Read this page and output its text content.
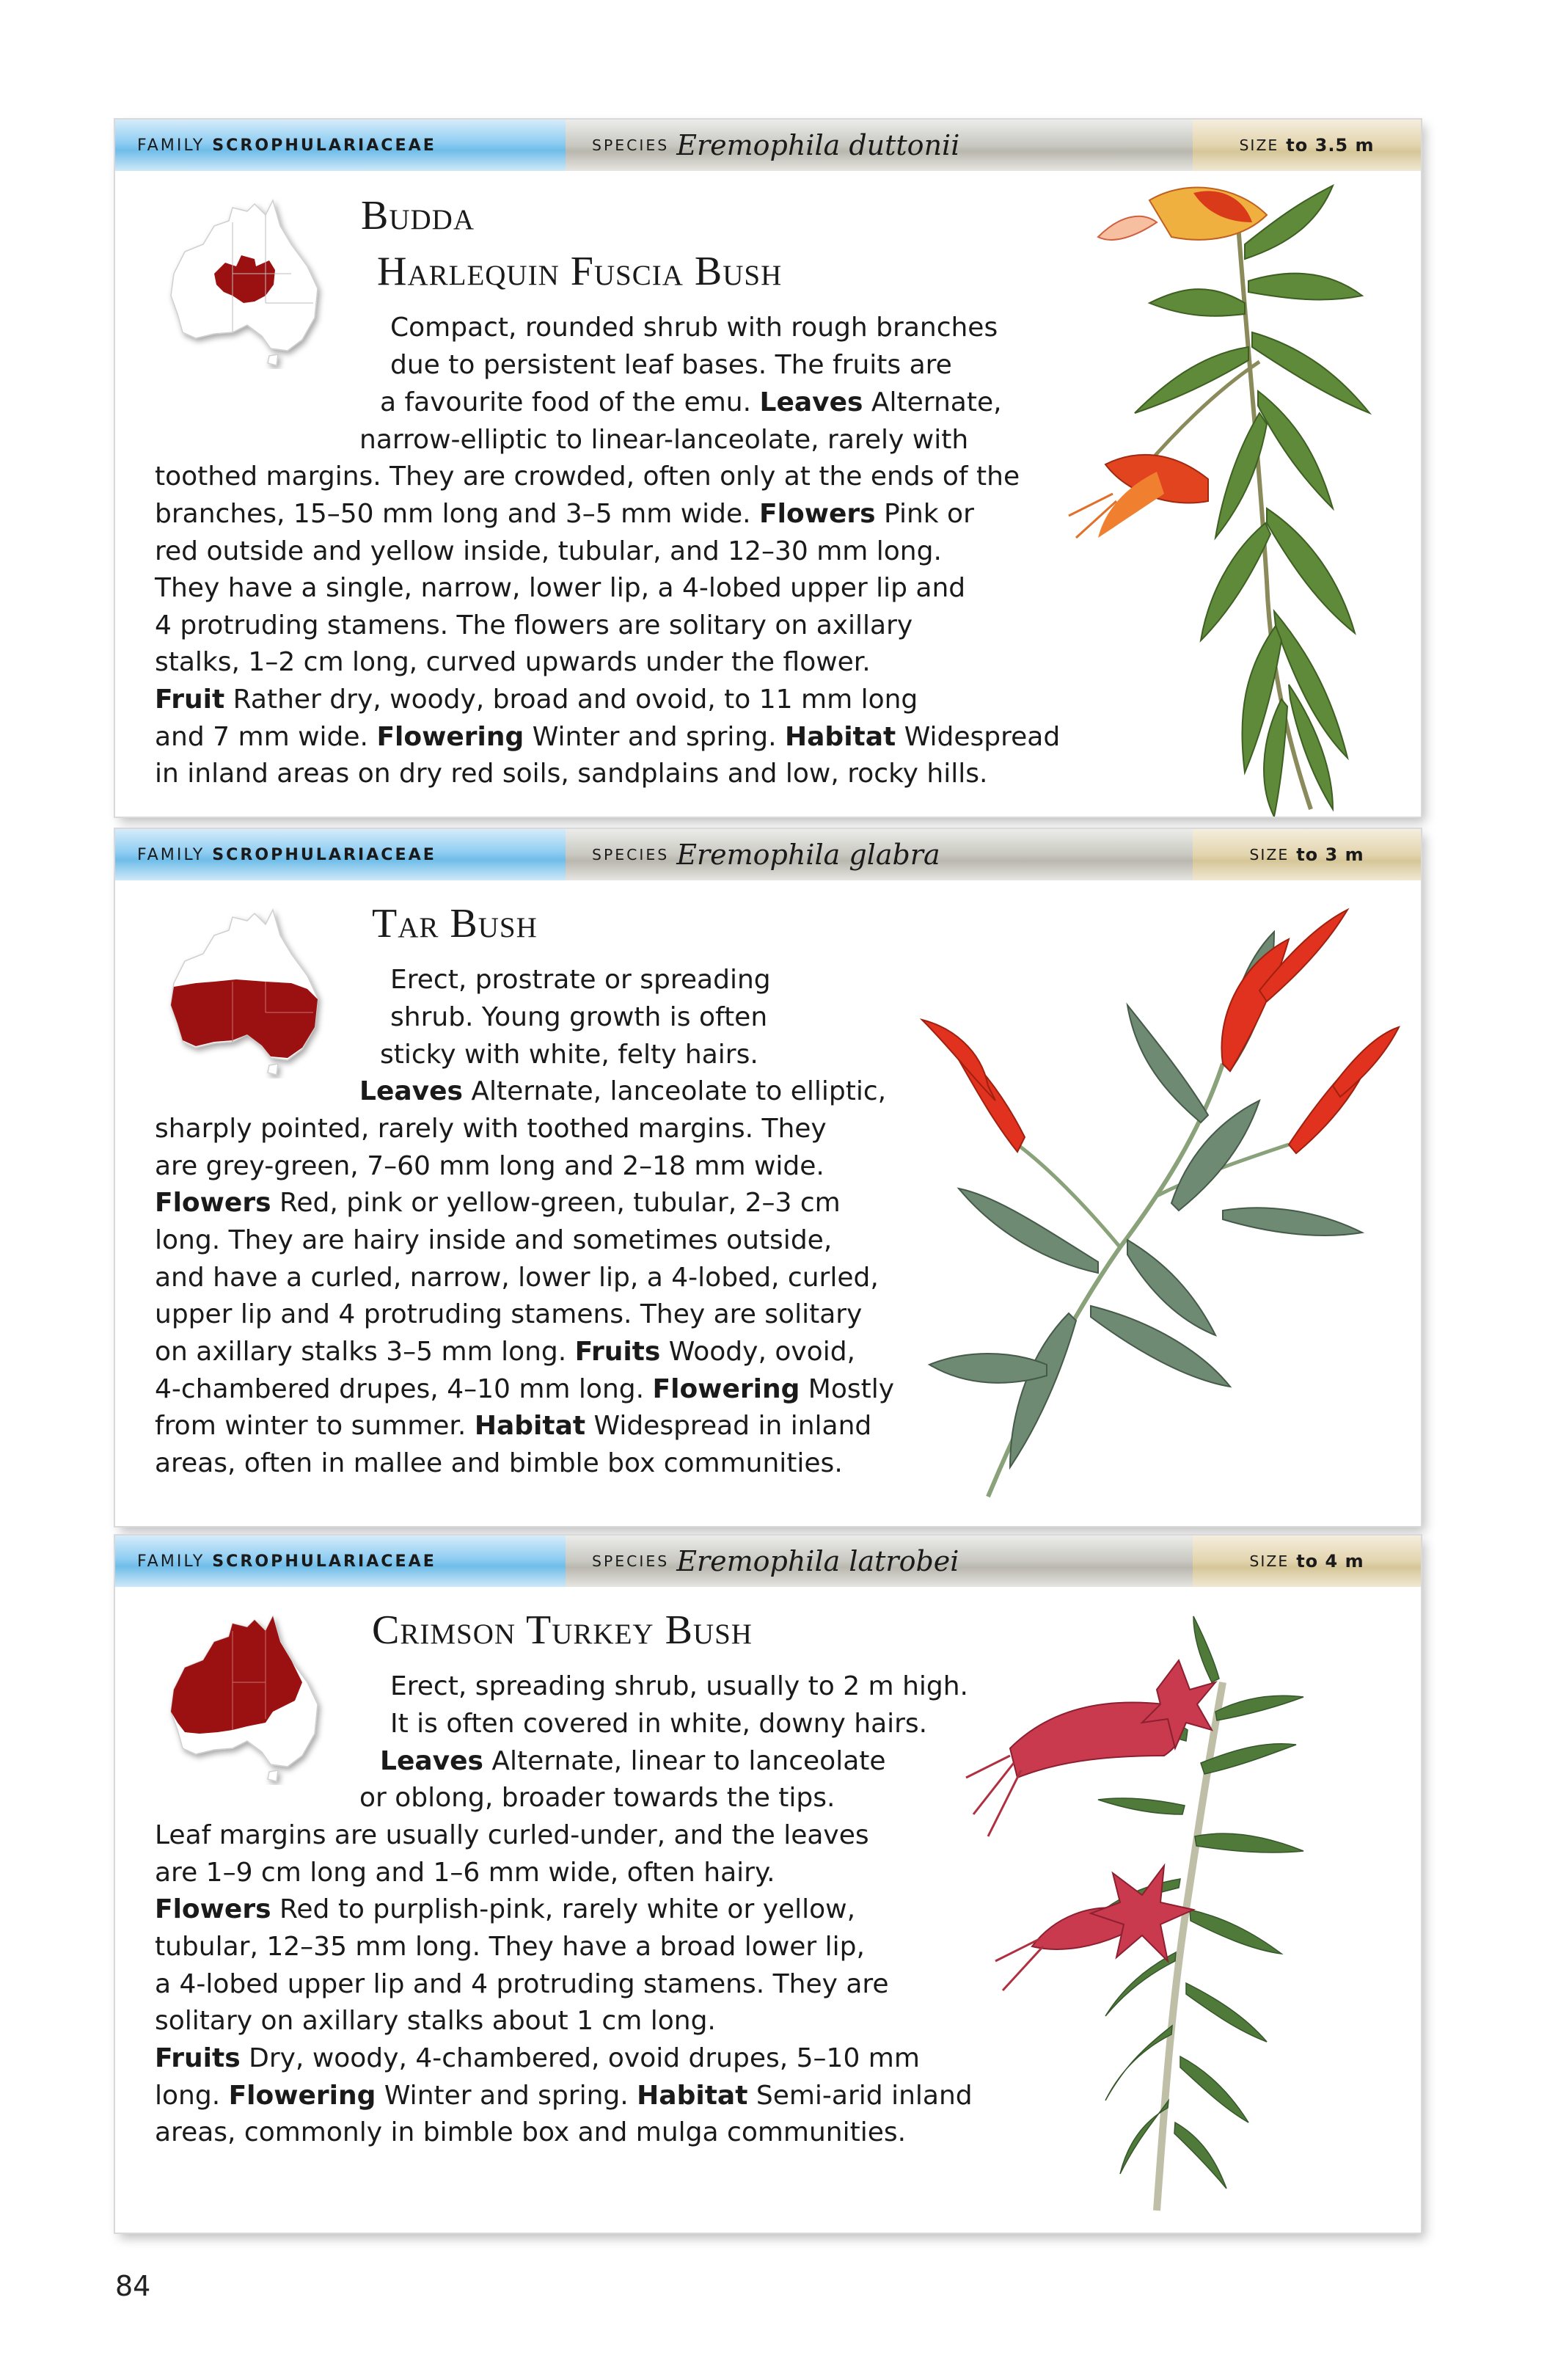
FAMILY SCROPHULARIACEAE	SPECIES Eremophila duttonii	SIZE to 3.5 m
Budda
Harlequin Fuscia Bush
Compact, rounded shrub with rough branches
due to persistent leaf bases. The fruits are
a favourite food of the emu. Leaves Alternate,
narrow-elliptic to linear-lanceolate, rarely with
toothed margins. They are crowded, often only at the ends of the
branches, 15–50 mm long and 3–5 mm wide. Flowers Pink or
red outside and yellow inside, tubular, and 12–30 mm long.
They have a single, narrow, lower lip, a 4-lobed upper lip and
4 protruding stamens. The flowers are solitary on axillary
stalks, 1–2 cm long, curved upwards under the flower.
Fruit Rather dry, woody, broad and ovoid, to 11 mm long
and 7 mm wide. Flowering Winter and spring. Habitat Widespread
in inland areas on dry red soils, sandplains and low, rocky hills.
FAMILY SCROPHULARIACEAE	SPECIES Eremophila glabra	SIZE to 3 m
Tar Bush
Erect, prostrate or spreading
shrub. Young growth is often
sticky with white, felty hairs.
Leaves Alternate, lanceolate to elliptic,
sharply pointed, rarely with toothed margins. They
are grey-green, 7–60 mm long and 2–18 mm wide.
Flowers Red, pink or yellow-green, tubular, 2–3 cm
long. They are hairy inside and sometimes outside,
and have a curled, narrow, lower lip, a 4-lobed, curled,
upper lip and 4 protruding stamens. They are solitary
on axillary stalks 3–5 mm long. Fruits Woody, ovoid,
4-chambered drupes, 4–10 mm long. Flowering Mostly
from winter to summer. Habitat Widespread in inland
areas, often in mallee and bimble box communities.
FAMILY SCROPHULARIACEAE	SPECIES Eremophila latrobei	SIZE to 4 m
Crimson Turkey Bush
Erect, spreading shrub, usually to 2 m high.
It is often covered in white, downy hairs.
Leaves Alternate, linear to lanceolate
or oblong, broader towards the tips.
Leaf margins are usually curled-under, and the leaves
are 1–9 cm long and 1–6 mm wide, often hairy.
Flowers Red to purplish-pink, rarely white or yellow,
tubular, 12–35 mm long. They have a broad lower lip,
a 4-lobed upper lip and 4 protruding stamens. They are
solitary on axillary stalks about 1 cm long.
Fruits Dry, woody, 4-chambered, ovoid drupes, 5–10 mm
long. Flowering Winter and spring. Habitat Semi-arid inland
areas, commonly in bimble box and mulga communities.
84
